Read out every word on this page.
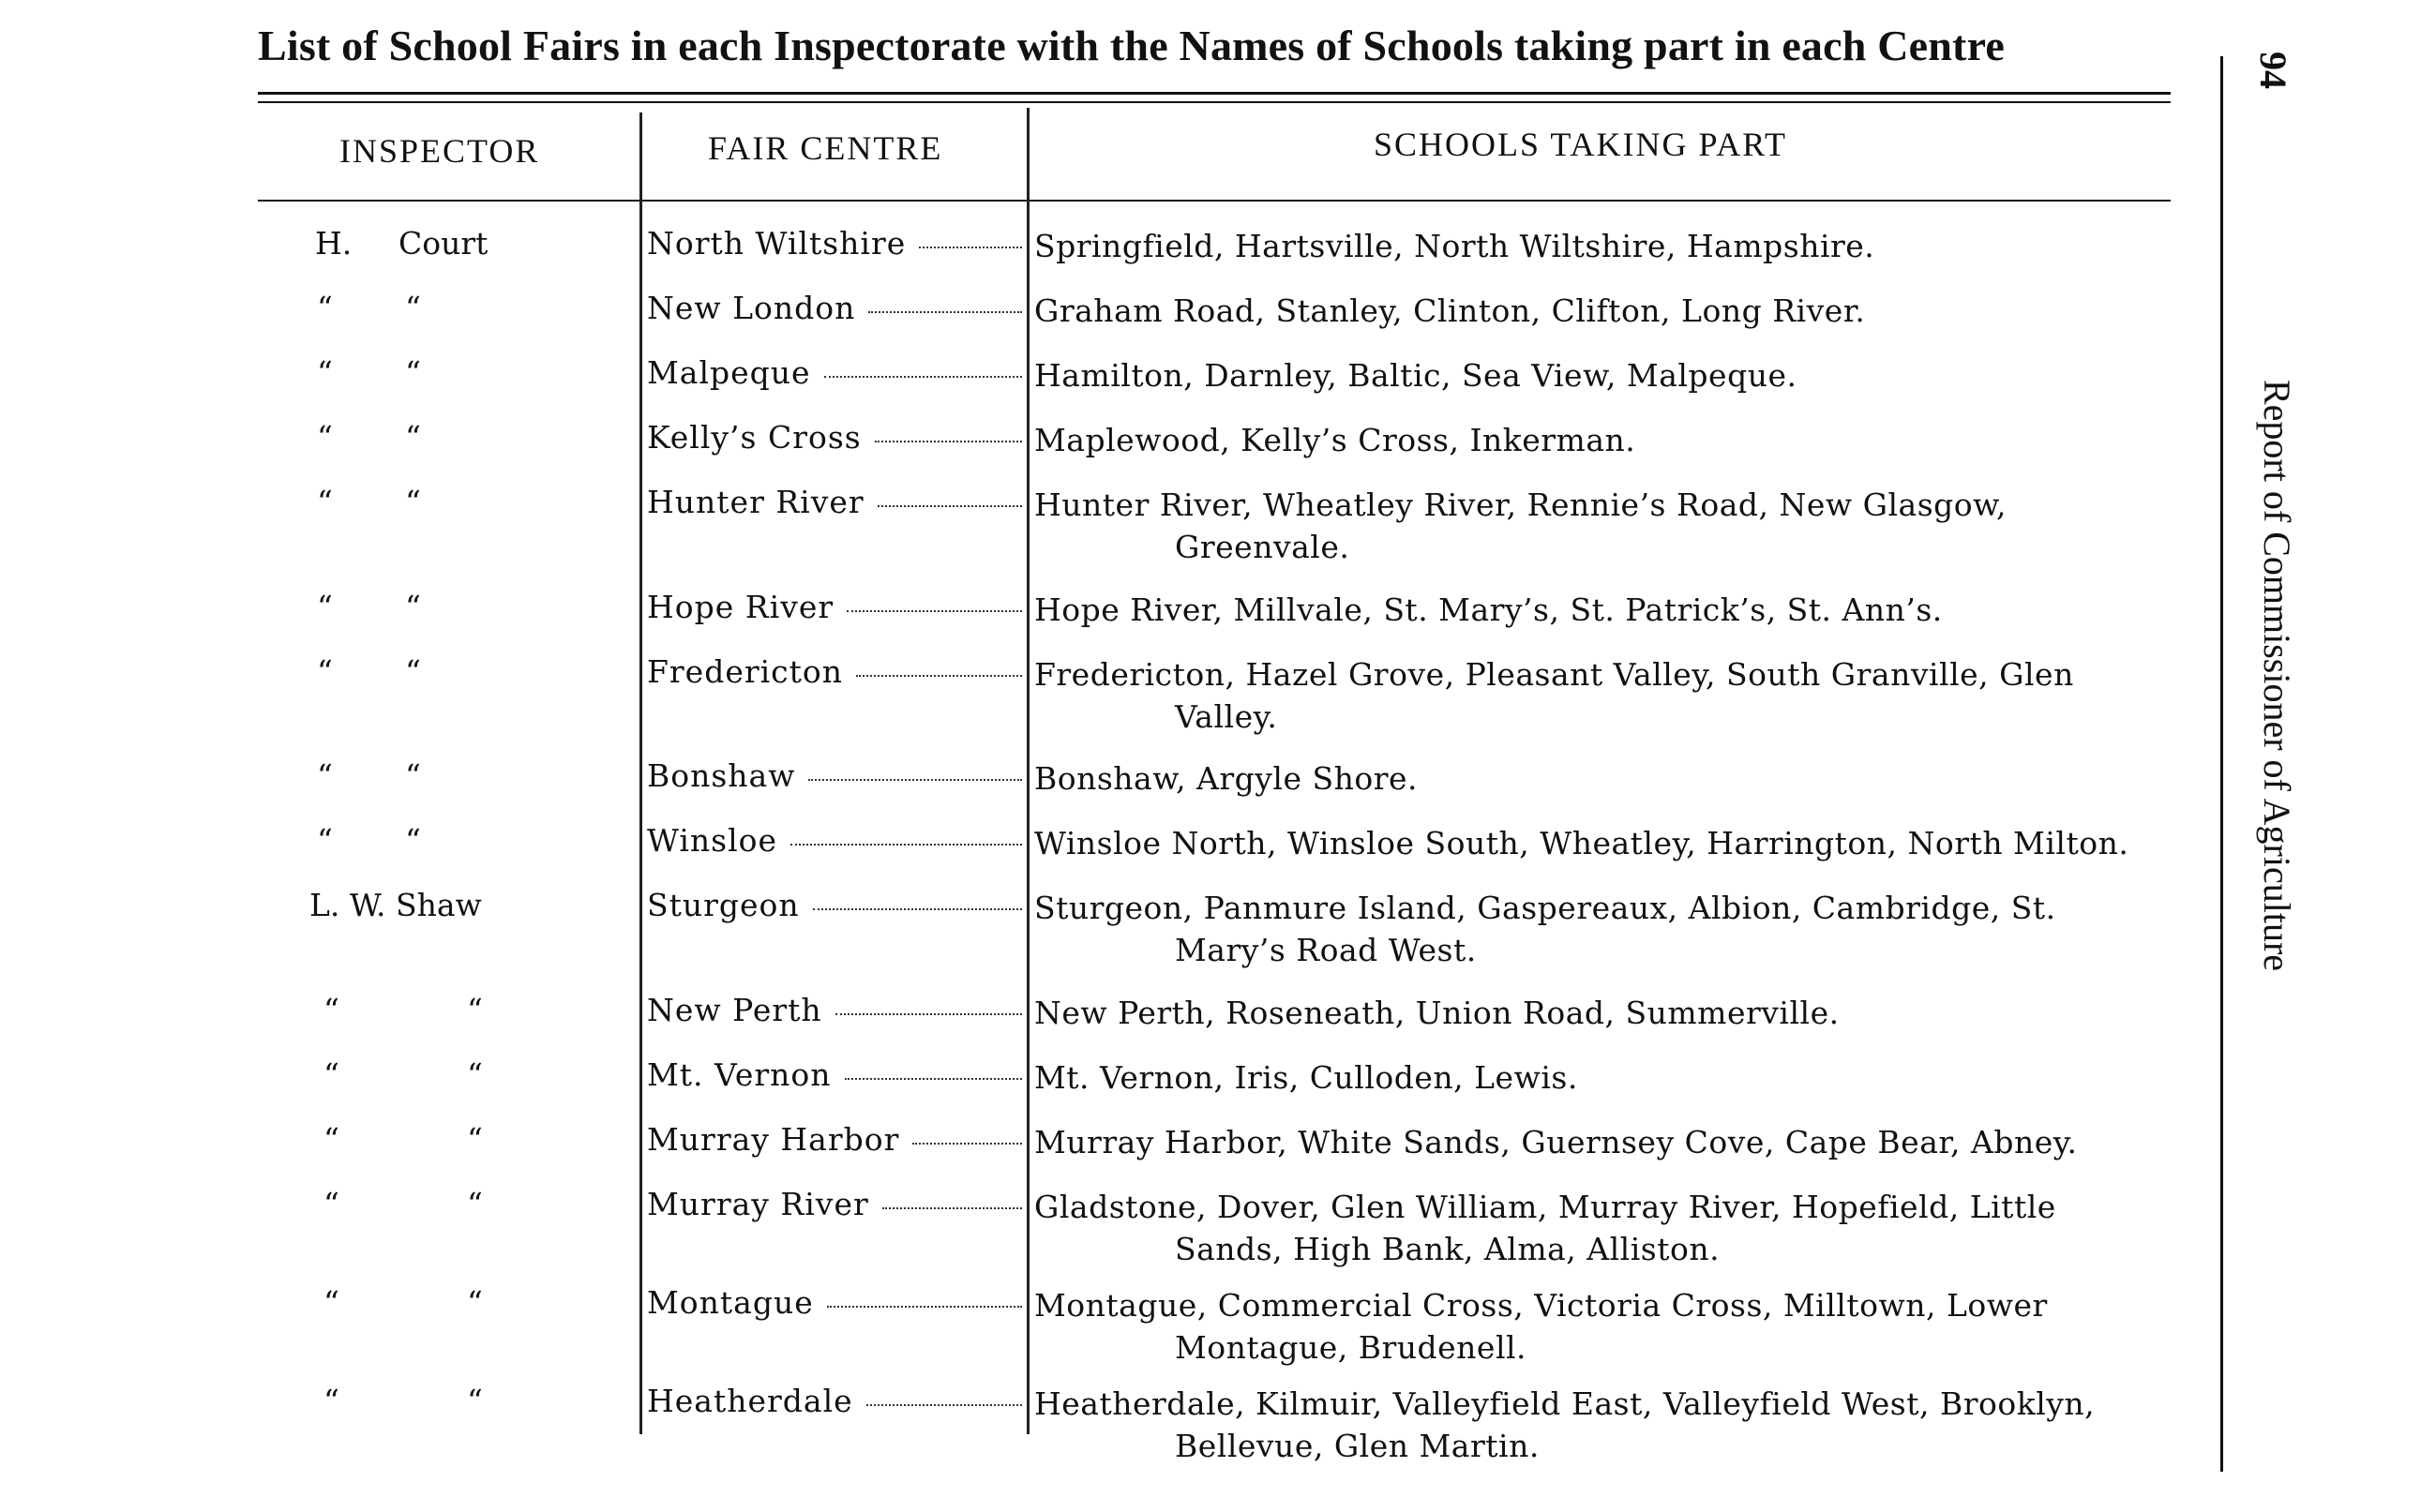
List of School Fairs in each Inspectorate with the Names of Schools taking part in each Centre
INSPECTOR	FAIR CENTRE	SCHOOLS TAKING PART
H. Court	North Wiltshire	Springfield, Hartsville, North Wiltshire, Hampshire.
“ “	New London	Graham Road, Stanley, Clinton, Clifton, Long River.
“ “	Malpeque	Hamilton, Darnley, Baltic, Sea View, Malpeque.
“ “	Kelly’s Cross	Maplewood, Kelly’s Cross, Inkerman.
“ “	Hunter River	Hunter River, Wheatley River, Rennie’s Road, New Glasgow,
Greenvale.
“ “	Hope River	Hope River, Millvale, St. Mary’s, St. Patrick’s, St. Ann’s.
“ “	Fredericton	Fredericton, Hazel Grove, Pleasant Valley, South Granville, Glen
Valley.
“ “	Bonshaw	Bonshaw, Argyle Shore.
“ “	Winsloe	Winsloe North, Winsloe South, Wheatley, Harrington, North Milton.
L. W. Shaw	Sturgeon	Sturgeon, Panmure Island, Gaspereaux, Albion, Cambridge, St.
Mary’s Road West.
“	“	New Perth	New Perth, Roseneath, Union Road, Summerville.
“	“	Mt. Vernon	Mt. Vernon, Iris, Culloden, Lewis.
“	“	Murray Harbor	Murray Harbor, White Sands, Guernsey Cove, Cape Bear, Abney.
“	“	Murray River	Gladstone, Dover, Glen William, Murray River, Hopefield, Little
Sands, High Bank, Alma, Alliston.
“	“	Montague	Montague, Commercial Cross, Victoria Cross, Milltown, Lower
Montague, Brudenell.
“	“	Heatherdale	Heatherdale, Kilmuir, Valleyfield East, Valleyfield West, Brooklyn,
Bellevue, Glen Martin.
94
Report of Commissioner of Agriculture
